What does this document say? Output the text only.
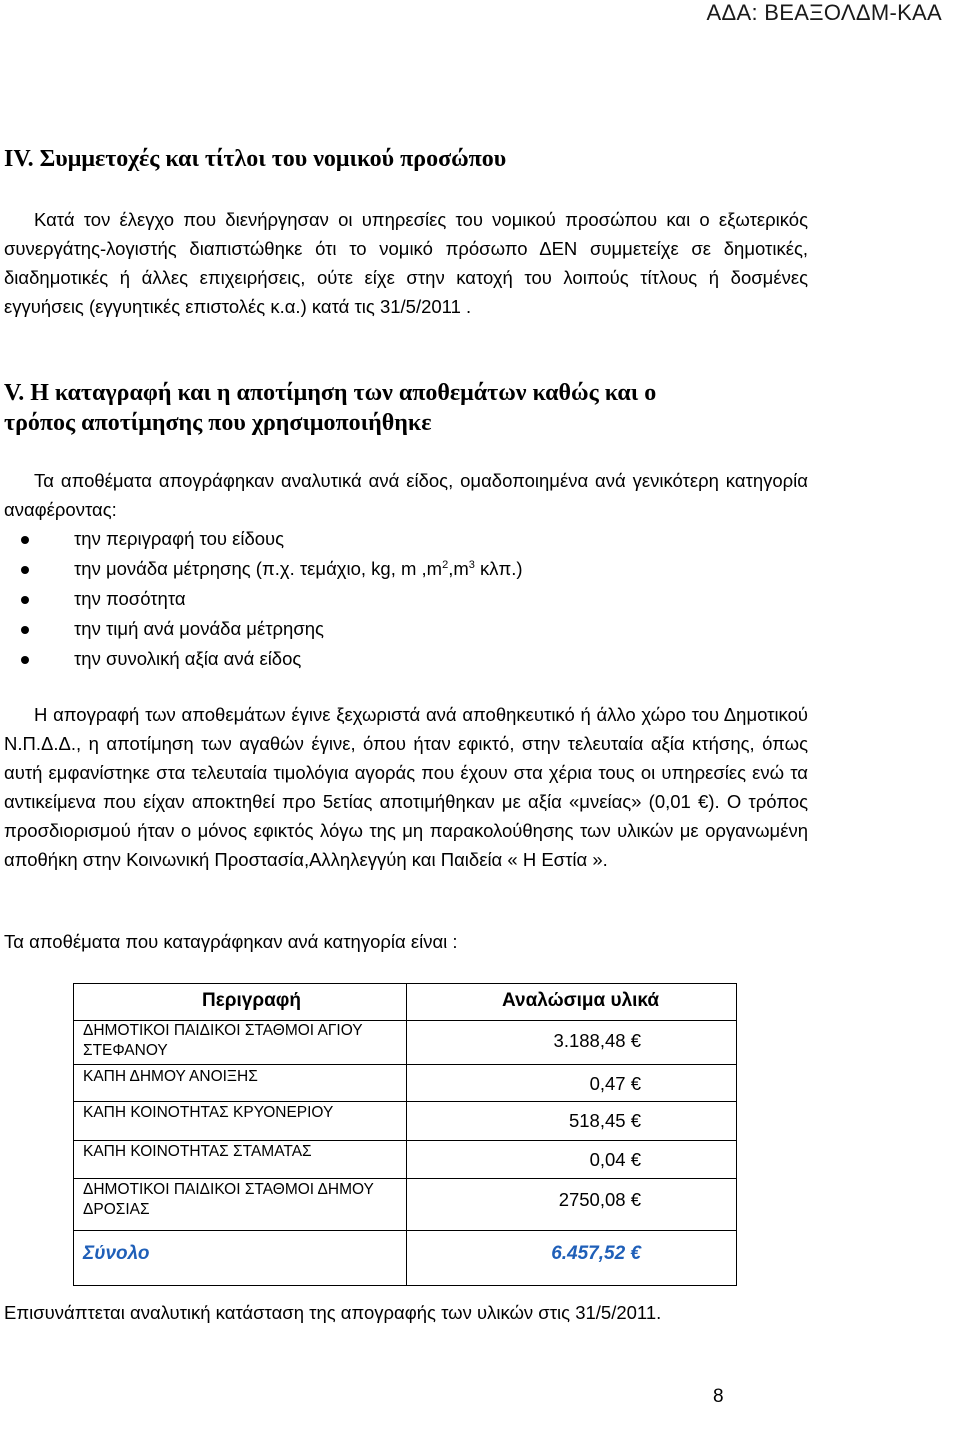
ΑΔΑ: ΒΕΑΞΟΛΔΜ-ΚΑΑ
IV. Συμμετοχές και τίτλοι του νομικού προσώπου
Κατά τον έλεγχο που διενήργησαν οι υπηρεσίες του νομικού προσώπου και ο εξωτερικός συνεργάτης-λογιστής διαπιστώθηκε ότι το νομικό πρόσωπο ΔΕΝ συμμετείχε σε δημοτικές, διαδημοτικές ή άλλες επιχειρήσεις, ούτε είχε στην κατοχή του λοιπούς τίτλους ή δοσμένες εγγυήσεις (εγγυητικές επιστολές κ.α.) κατά τις 31/5/2011 .
V. Η καταγραφή και η αποτίμηση των αποθεμάτων καθώς και ο
τρόπος αποτίμησης που χρησιμοποιήθηκε
Τα αποθέματα απογράφηκαν αναλυτικά ανά είδος, ομαδοποιημένα ανά γενικότερη κατηγορία αναφέροντας:
την περιγραφή του είδους
την μονάδα μέτρησης (π.χ. τεμάχιο, kg, m $,m^2,m^3$ κλπ.)
την ποσότητα
την τιμή ανά μονάδα μέτρησης
την συνολική αξία ανά είδος
Η απογραφή των αποθεμάτων έγινε ξεχωριστά ανά αποθηκευτικό ή άλλο χώρο του Δημοτικού Ν.Π.Δ.Δ., η αποτίμηση των αγαθών έγινε, όπου ήταν εφικτό, στην τελευταία αξία κτήσης, όπως αυτή εμφανίστηκε στα τελευταία τιμολόγια αγοράς που έχουν στα χέρια τους οι υπηρεσίες ενώ τα αντικείμενα που είχαν αποκτηθεί προ 5ετίας αποτιμήθηκαν με αξία «μνείας» (0,01 €). Ο τρόπος προσδιορισμού ήταν ο μόνος εφικτός λόγω της μη παρακολούθησης των υλικών με οργανωμένη αποθήκη στην Κοινωνική Προστασία,Αλληλεγγύη και Παιδεία « Η Εστία ».
Τα αποθέματα που καταγράφηκαν ανά κατηγορία είναι :
Περιγραφή	Αναλώσιμα υλικά
ΔΗΜΟΤΙΚΟΙ ΠΑΙΔΙΚΟΙ ΣΤΑΘΜΟΙ ΑΓΙΟΥ ΣΤΕΦΑΝΟΥ	3.188,48 €
ΚΑΠΗ ΔΗΜΟΥ ΑΝΟΙΞΗΣ	0,47 €
ΚΑΠΗ ΚΟΙΝΟΤΗΤΑΣ ΚΡΥΟΝΕΡΙΟΥ	518,45 €
ΚΑΠΗ ΚΟΙΝΟΤΗΤΑΣ ΣΤΑΜΑΤΑΣ	0,04 €
ΔΗΜΟΤΙΚΟΙ ΠΑΙΔΙΚΟΙ ΣΤΑΘΜΟΙ ΔΗΜΟΥ ΔΡΟΣΙΑΣ	2750,08 €
Σύνολο	6.457,52 €
Επισυνάπτεται αναλυτική κατάσταση της απογραφής των υλικών στις 31/5/2011.
8
